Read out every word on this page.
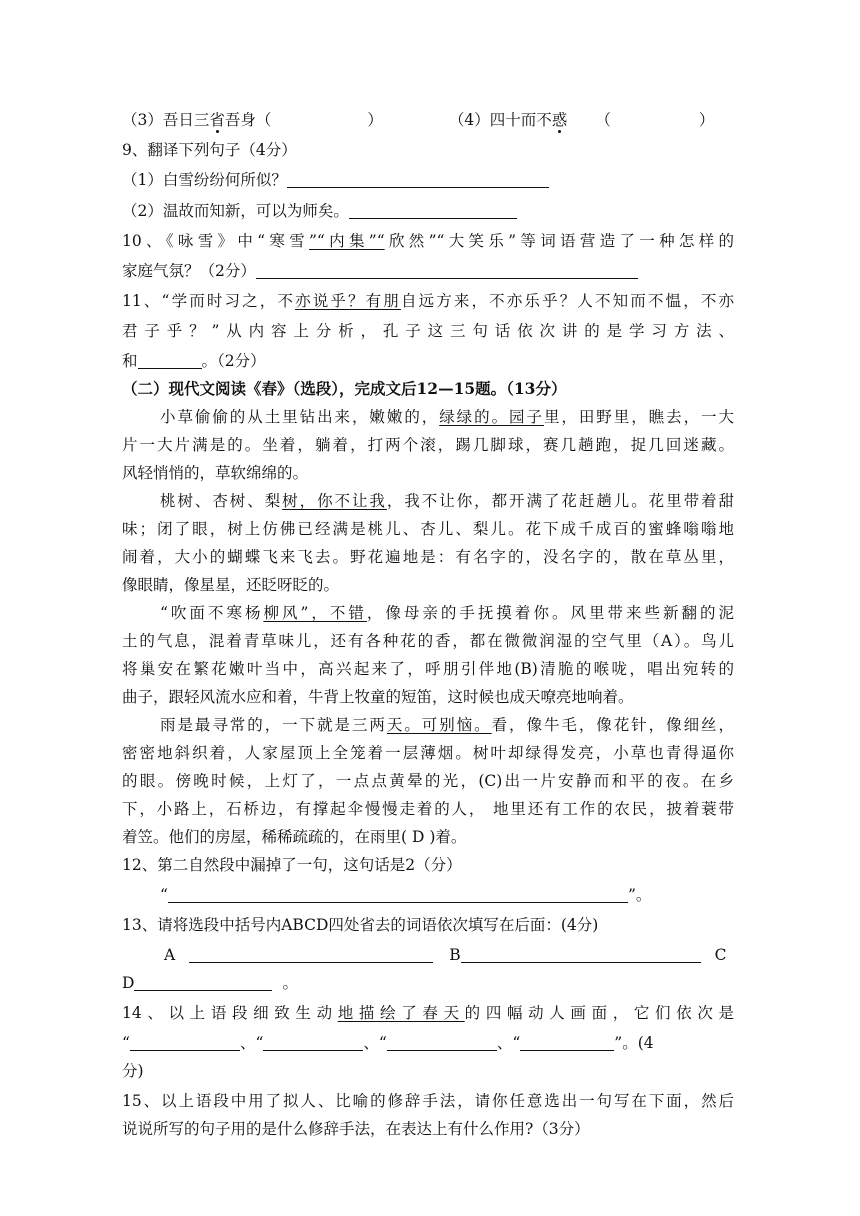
（3）吾日三省吾身（	）	（4）四十而不惑 （	）
9、翻译下列句子（4分）
（1）白雪纷纷何所似？
（2）温故而知新，可以为师矣。
10、《咏雪》中“寒雪”“内集”“欣然”“大笑乐”等词语营造了一种怎样的
家庭气氛？（2分）
11、“学而时习之，不亦说乎？有朋自远方来，不亦乐乎？人不知而不愠，不亦
君子乎？”从内容上分析，孔子这三句话依次讲的是学习方法、
和	。（2分）
（二）现代文阅读《春》（选段），完成文后12—15题。（13分）
小草偷偷的从土里钻出来，嫩嫩的，绿绿的。园子里，田野里，瞧去，一大
片一大片满是的。坐着，躺着，打两个滚，踢几脚球，赛几趟跑，捉几回迷藏。
风轻悄悄的，草软绵绵的。
桃树、杏树、梨树，你不让我，我不让你，都开满了花赶趟儿。花里带着甜
味；闭了眼，树上仿佛已经满是桃儿、杏儿、梨儿。花下成千成百的蜜蜂嗡嗡地
闹着，大小的蝴蝶飞来飞去。野花遍地是：有名字的，没名字的，散在草丛里，
像眼睛，像星星，还眨呀眨的。
“吹面不寒杨柳风”，不错，像母亲的手抚摸着你。风里带来些新翻的泥
土的气息，混着青草味儿，还有各种花的香，都在微微润湿的空气里（A）。鸟儿
将巢安在繁花嫩叶当中，高兴起来了，呼朋引伴地(B)清脆的喉咙，唱出宛转的
曲子，跟轻风流水应和着，牛背上牧童的短笛，这时候也成天嘹亮地响着。
雨是最寻常的，一下就是三两天。可别恼。看，像牛毛，像花针，像细丝，
密密地斜织着，人家屋顶上全笼着一层薄烟。树叶却绿得发亮，小草也青得逼你
的眼。傍晚时候，上灯了，一点点黄晕的光，(C)出一片安静而和平的夜。在乡
下，小路上，石桥边，有撑起伞慢慢走着的人， 地里还有工作的农民，披着蓑带
着笠。他们的房屋，稀稀疏疏的，在雨里( D )着。
12、第二自然段中漏掉了一句，这句话是2（分）
“	”。
13、请将选段中括号内ABCD四处省去的词语依次填写在后面：(4分)
A	B	C
D	。
14、以上语段细致生动地描绘了春天的四幅动人画面，它们依次是
“	、“	、“	、“	”。(4
分)
15、以上语段中用了拟人、比喻的修辞手法，请你任意选出一句写在下面，然后
说说所写的句子用的是什么修辞手法，在表达上有什么作用?（3分）
